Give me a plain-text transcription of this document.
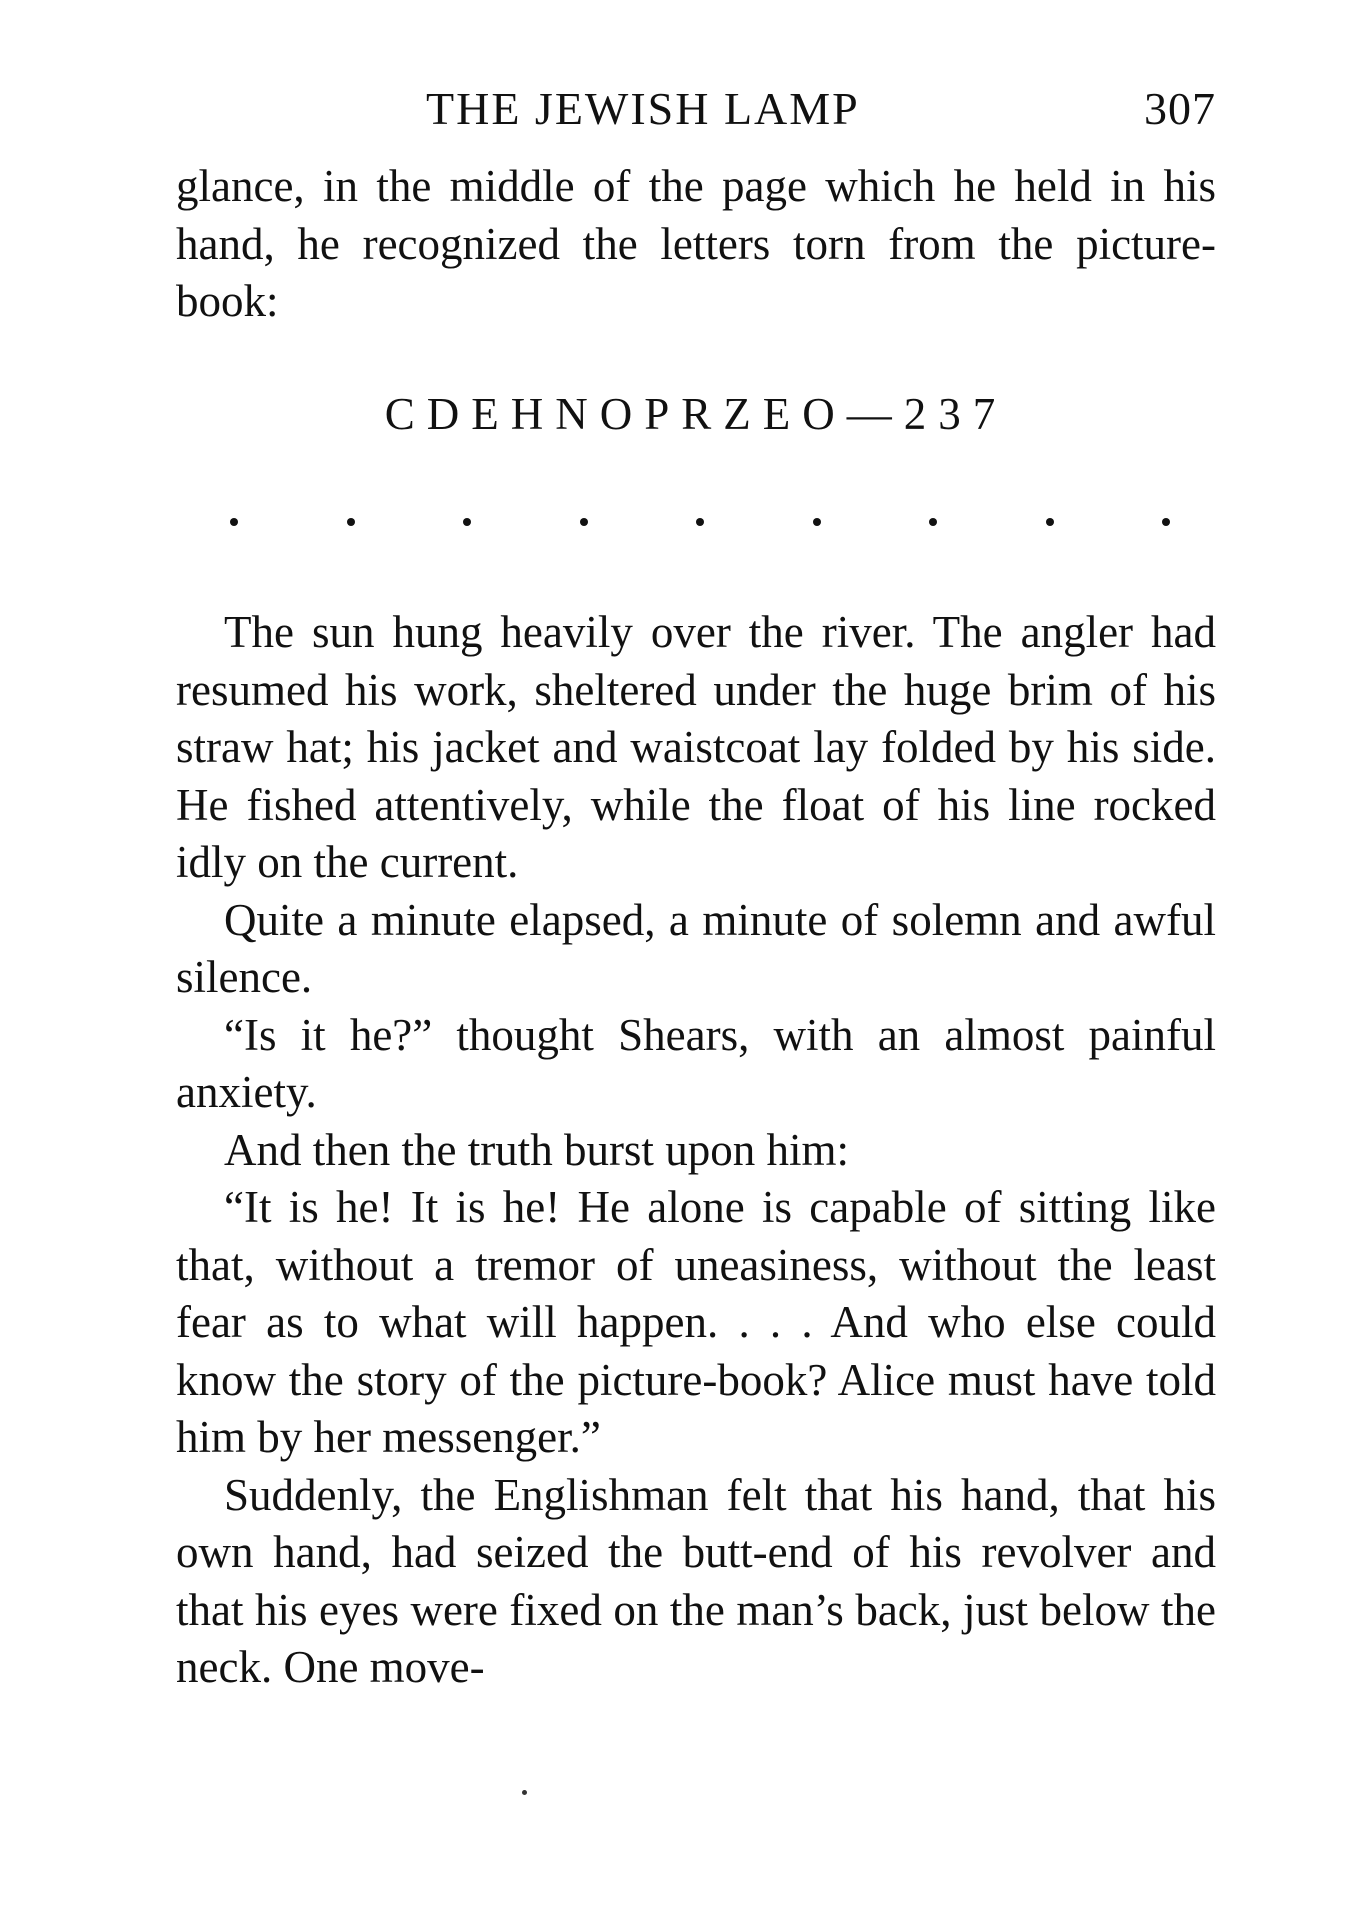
THE JEWISH LAMP	307

glance, in the middle of the page which he held in his hand, he recognized the letters torn from the picture-book:

CDEHNOPRZEO—237

The sun hung heavily over the river. The angler had resumed his work, sheltered under the huge brim of his straw hat; his jacket and waistcoat lay folded by his side. He fished attentively, while the float of his line rocked idly on the current.

Quite a minute elapsed, a minute of solemn and awful silence.

“Is it he?” thought Shears, with an almost painful anxiety.

And then the truth burst upon him:

“It is he! It is he! He alone is capable of sitting like that, without a tremor of uneasiness, without the least fear as to what will happen. . . . And who else could know the story of the picture-book? Alice must have told him by her messenger.”

Suddenly, the Englishman felt that his hand, that his own hand, had seized the butt-end of his revolver and that his eyes were fixed on the man’s back, just below the neck. One move-
